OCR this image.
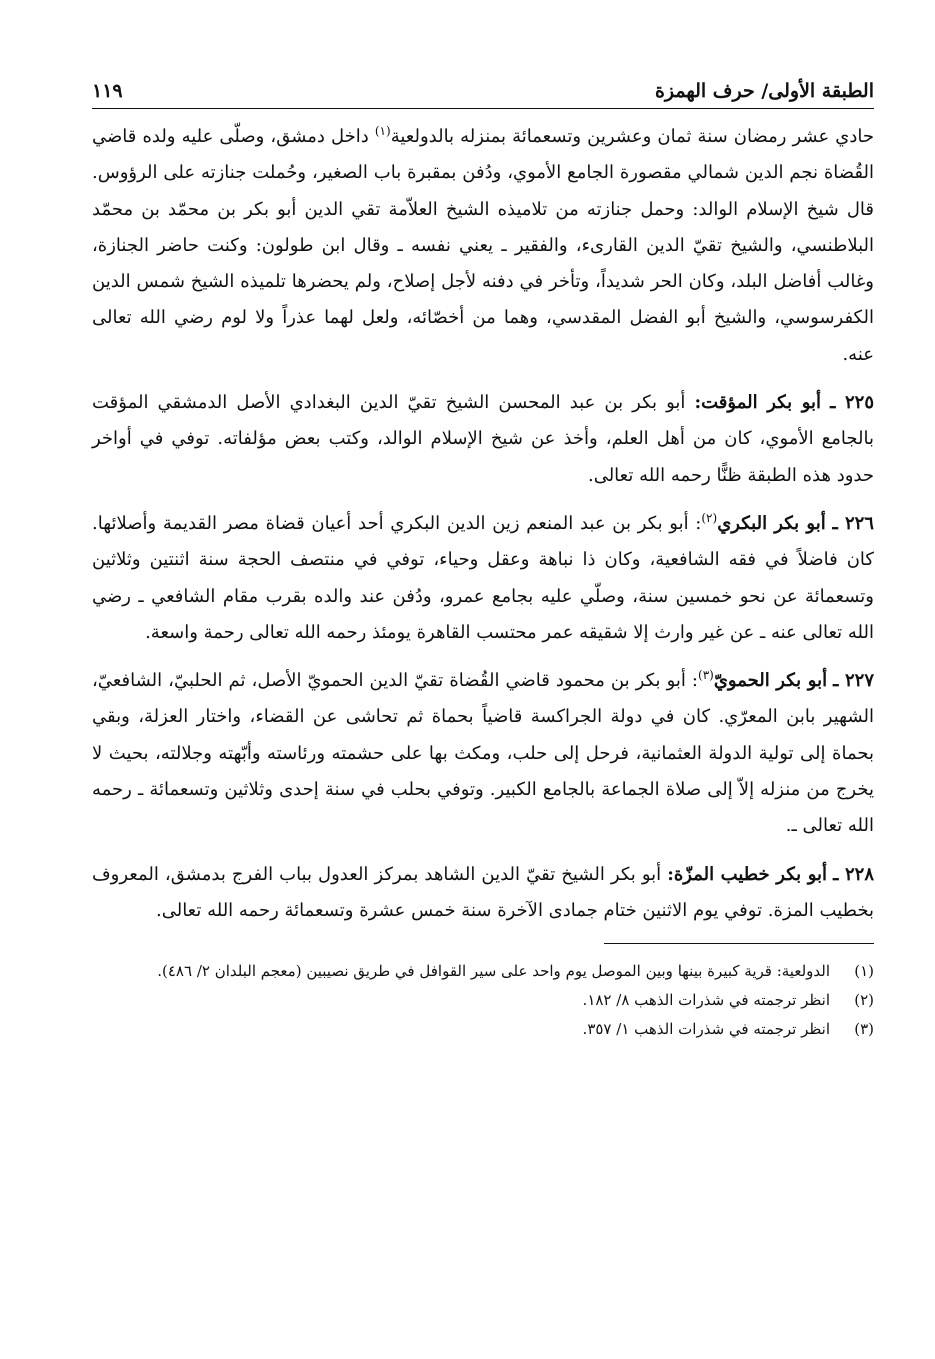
الطبقة الأولى/ حرف الهمزة
١١٩

حادي عشر رمضان سنة ثمان وعشرين وتسعمائة بمنزله بالدولعية$^{(١)}$ داخل دمشق، وصلّى عليه ولده قاضي القُضاة نجم الدين شمالي مقصورة الجامع الأموي، ودُفن بمقبرة باب الصغير، وحُملت جنازته على الرؤوس. قال شيخ الإسلام الوالد: وحمل جنازته من تلاميذه الشيخ العلاّمة تقي الدين أبو بكر بن محمّد بن محمّد البلاطنسي، والشيخ تقيّ الدين القارىء، والفقير ـ يعني نفسه ـ وقال ابن طولون: وكنت حاضر الجنازة، وغالب أفاضل البلد، وكان الحر شديداً، وتأخر في دفنه لأجل إصلاح، ولم يحضرها تلميذه الشيخ شمس الدين الكفرسوسي، والشيخ أبو الفضل المقدسي، وهما من أخصّائه، ولعل لهما عذراً ولا لوم رضي الله تعالى عنه.

٢٢٥ ـ أبو بكر المؤقت: أبو بكر بن عبد المحسن الشيخ تقيّ الدين البغدادي الأصل الدمشقي المؤقت بالجامع الأموي، كان من أهل العلم، وأخذ عن شيخ الإسلام الوالد، وكتب بعض مؤلفاته. توفي في أواخر حدود هذه الطبقة ظنًّا رحمه الله تعالى.

٢٢٦ ـ أبو بكر البكري$^{(٢)}$: أبو بكر بن عبد المنعم زين الدين البكري أحد أعيان قضاة مصر القديمة وأصلائها. كان فاضلاً في فقه الشافعية، وكان ذا نباهة وعقل وحياء، توفي في منتصف الحجة سنة اثنتين وثلاثين وتسعمائة عن نحو خمسين سنة، وصلّي عليه بجامع عمرو، ودُفن عند والده بقرب مقام الشافعي ـ رضي الله تعالى عنه ـ عن غير وارث إلا شقيقه عمر محتسب القاهرة يومئذ رحمه الله تعالى رحمة واسعة.

٢٢٧ ـ أبو بكر الحمويّ$^{(٣)}$: أبو بكر بن محمود قاضي القُضاة تقيّ الدين الحمويّ الأصل، ثم الحلبيّ، الشافعيّ، الشهير بابن المعرّي. كان في دولة الجراكسة قاضياً بحماة ثم تحاشى عن القضاء، واختار العزلة، وبقي بحماة إلى تولية الدولة العثمانية، فرحل إلى حلب، ومكث بها على حشمته ورئاسته وأبّهته وجلالته، بحيث لا يخرج من منزله إلاّ إلى صلاة الجماعة بالجامع الكبير. وتوفي بحلب في سنة إحدى وثلاثين وتسعمائة ـ رحمه الله تعالى ـ.

٢٢٨ ـ أبو بكر خطيب المزّة: أبو بكر الشيخ تقيّ الدين الشاهد بمركز العدول بباب الفرج بدمشق، المعروف بخطيب المزة. توفي يوم الاثنين ختام جمادى الآخرة سنة خمس عشرة وتسعمائة رحمه الله تعالى.

(١)
الدولعية: قرية كبيرة بينها وبين الموصل يوم واحد على سير القوافل في طريق نصيبين (معجم البلدان ٢/ ٤٨٦).
(٢)
انظر ترجمته في شذرات الذهب ٨/ ١٨٢.
(٣)
انظر ترجمته في شذرات الذهب ١/ ٣٥٧.
